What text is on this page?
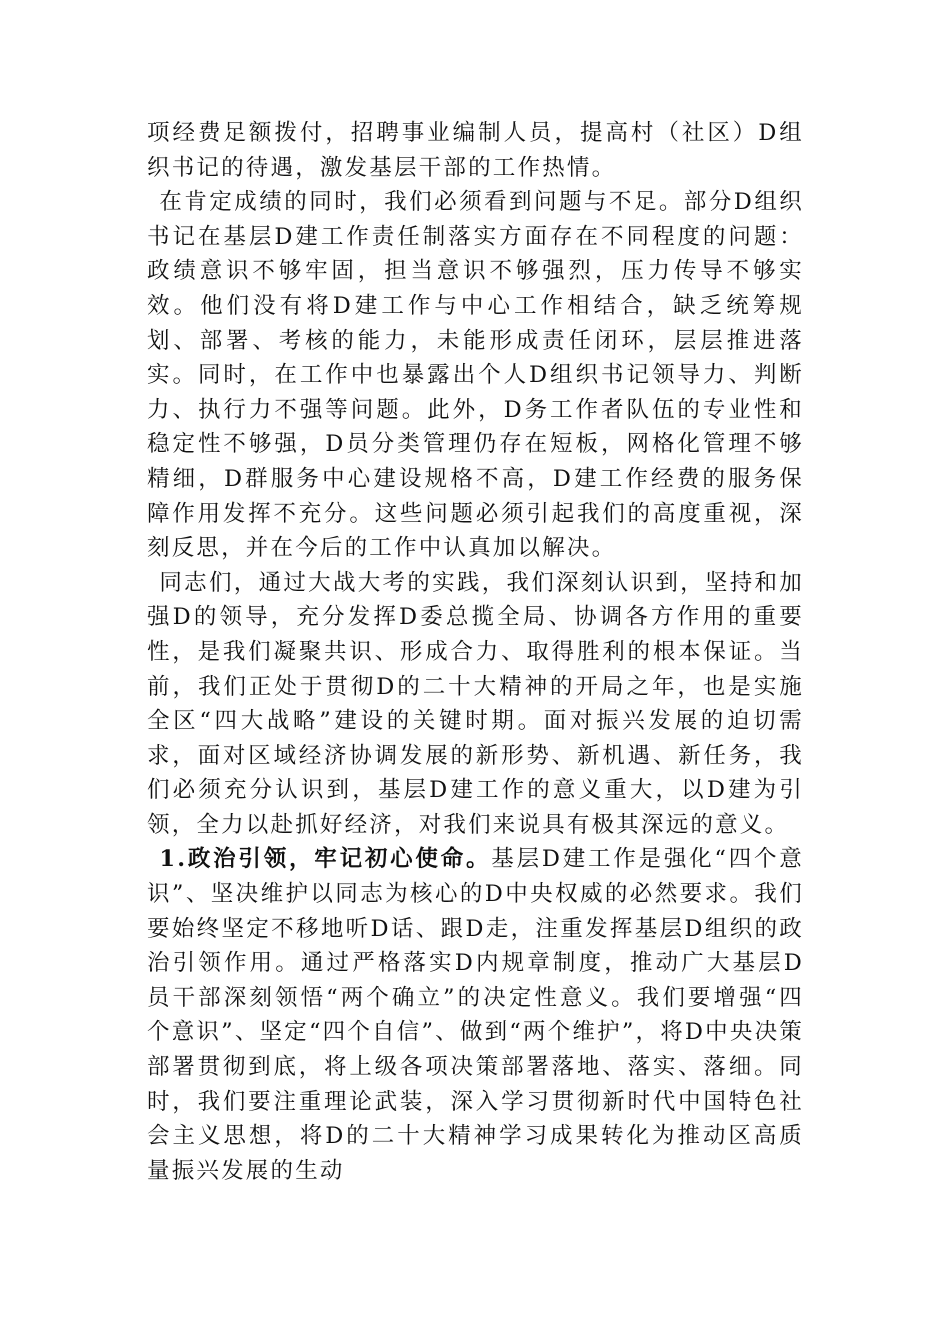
项经费足额拨付，招聘事业编制人员，提高村（社区）D组织书记的待遇，激发基层干部的工作热情。

在肯定成绩的同时，我们必须看到问题与不足。部分D组织书记在基层D建工作责任制落实方面存在不同程度的问题：政绩意识不够牢固，担当意识不够强烈，压力传导不够实效。他们没有将D建工作与中心工作相结合，缺乏统筹规划、部署、考核的能力，未能形成责任闭环，层层推进落实。同时，在工作中也暴露出个人D组织书记领导力、判断力、执行力不强等问题。此外，D务工作者队伍的专业性和稳定性不够强，D员分类管理仍存在短板，网格化管理不够精细，D群服务中心建设规格不高，D建工作经费的服务保障作用发挥不充分。这些问题必须引起我们的高度重视，深刻反思，并在今后的工作中认真加以解决。

同志们，通过大战大考的实践，我们深刻认识到，坚持和加强D的领导，充分发挥D委总揽全局、协调各方作用的重要性，是我们凝聚共识、形成合力、取得胜利的根本保证。当前，我们正处于贯彻D的二十大精神的开局之年，也是实施全区“四大战略”建设的关键时期。面对振兴发展的迫切需求，面对区域经济协调发展的新形势、新机遇、新任务，我们必须充分认识到，基层D建工作的意义重大，以D建为引领，全力以赴抓好经济，对我们来说具有极其深远的意义。

1.政治引领，牢记初心使命。基层D建工作是强化“四个意识”、坚决维护以同志为核心的D中央权威的必然要求。我们要始终坚定不移地听D话、跟D走，注重发挥基层D组织的政治引领作用。通过严格落实D内规章制度，推动广大基层D员干部深刻领悟“两个确立”的决定性意义。我们要增强“四个意识”、坚定“四个自信”、做到“两个维护”，将D中央决策部署贯彻到底，将上级各项决策部署落地、落实、落细。同时，我们要注重理论武装，深入学习贯彻新时代中国特色社会主义思想，将D的二十大精神学习成果转化为推动区高质量振兴发展的生动
